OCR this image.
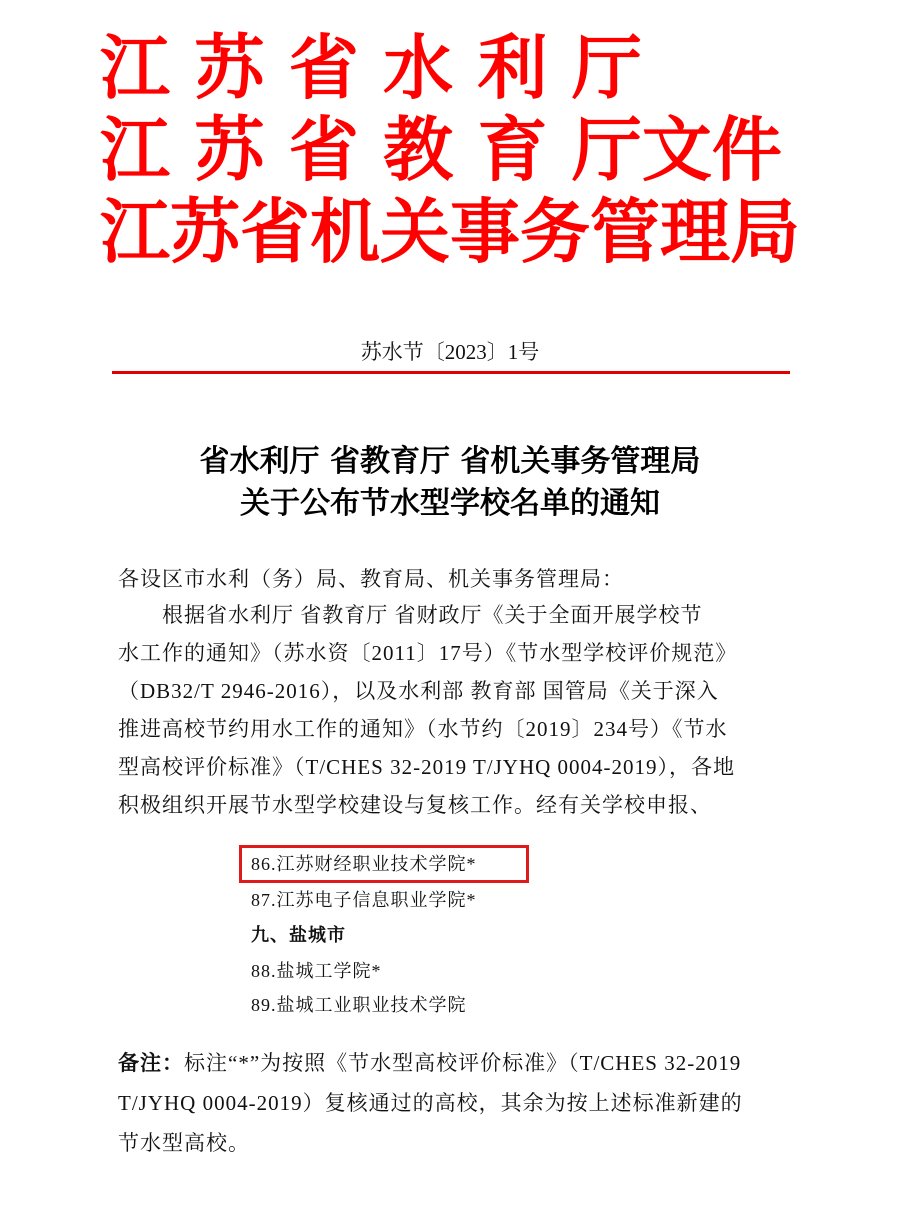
江 苏 省 水 利 厅
江 苏 省 教 育 厅文件
江苏省机关事务管理局
苏水节〔2023〕1号
省水利厅 省教育厅 省机关事务管理局
关于公布节水型学校名单的通知
各设区市水利（务）局、教育局、机关事务管理局：
根据省水利厅 省教育厅 省财政厅《关于全面开展学校节
水工作的通知》（苏水资〔2011〕17号）《节水型学校评价规范》
（DB32/T 2946-2016），以及水利部 教育部 国管局《关于深入
推进高校节约用水工作的通知》（水节约〔2019〕234号）《节水
型高校评价标准》（T/CHES 32-2019 T/JYHQ 0004-2019），各地
积极组织开展节水型学校建设与复核工作。经有关学校申报、
86.江苏财经职业技术学院*
87.江苏电子信息职业学院*
九、盐城市
88.盐城工学院*
89.盐城工业职业技术学院
备注：标注“*”为按照《节水型高校评价标准》（T/CHES 32-2019
T/JYHQ 0004-2019）复核通过的高校，其余为按上述标准新建的
节水型高校。
